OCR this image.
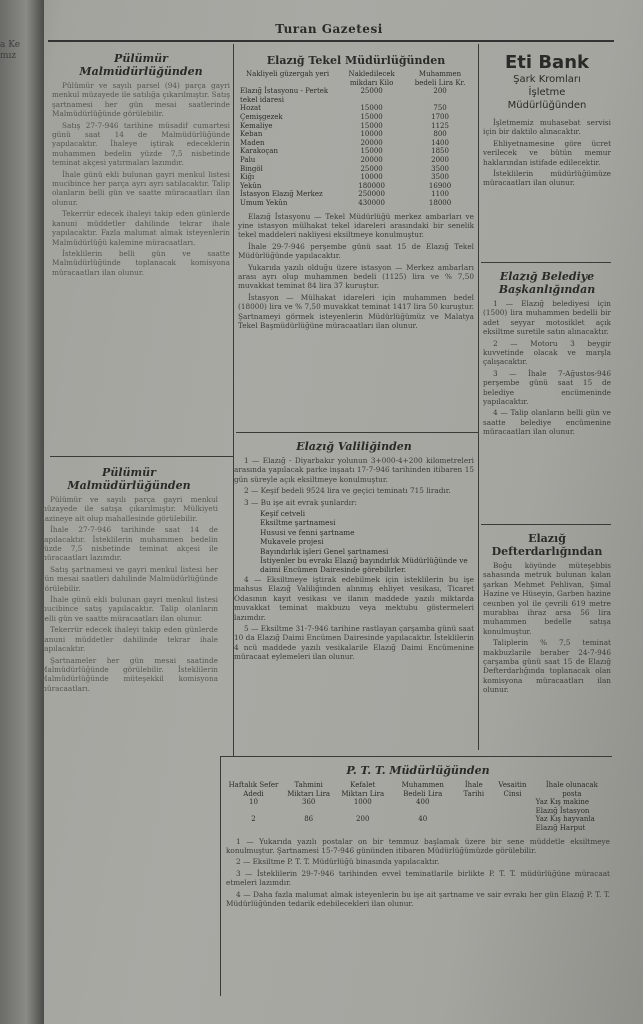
a Ke mız
Turan Gazetesi
Pülümür Malmüdürlüğünden

Pülümür ve sayılı parsel (94) parça gayri menkul müzayede ile satılığa çıkarılmıştır. Satış şartnamesi her gün mesai saatlerinde Malmüdürlüğünde görülebilir.

Satış 27-7-946 tarihine müsadif cumartesi günü saat 14 de Malmüdürlüğünde yapılacaktır. İhaleye iştirak edeceklerin muhammen bedelin yüzde 7,5 nisbetinde teminat akçesi yatırmaları lazımdır.

İhale günü ekli bulunan gayri menkul listesi mucibince her parça ayrı ayrı satılacaktır. Talip olanların belli gün ve saatte müracaatları ilan olunur.

Tekerrür edecek ihaleyi takip eden günlerde kanuni müddetler dahilinde tekrar ihale yapılacaktır. Fazla malumat almak isteyenlerin Malmüdürlüğü kalemine müracaatları.

İsteklilerin belli gün ve saatte Malmüdürlüğünde toplanacak komisyona müracaatları ilan olunur.

Pülümür Malmüdürlüğünden

Pülümür ve sayılı parça gayri menkul müzayede ile satışa çıkarılmıştır. Mülkiyeti hazineye ait olup mahallesinde görülebilir.

İhale 27-7-946 tarihinde saat 14 de yapılacaktır. İsteklilerin muhammen bedelin yüzde 7,5 nisbetinde teminat akçesi ile müracaatları lazımdır.

Satış şartnamesi ve gayri menkul listesi her gün mesai saatleri dahilinde Malmüdürlüğünde görülebilir.

İhale günü ekli bulunan gayri menkul listesi mucibince satış yapılacaktır. Talip olanların belli gün ve saatte müracaatları ilan olunur.

Tekerrür edecek ihaleyi takip eden günlerde kanuni müddetler dahilinde tekrar ihale yapılacaktır.

Şartnameler her gün mesai saatinde Malmüdürlüğünde görülebilir. İsteklilerin Malmüdürlüğünde müteşekkil komisyona müracaatları.

Elazığ Tekel Müdürlüğünden
Nakliyeli güzergah yeri	Nakledilecek mikdarı Kilo	Muhammen bedeli Lira Kr.
Elazığ İstasyonu - Pertek tekel idaresi	25000	200
Hozat	15000	750
Çemişgezek	15000	1700
Kemaliye	15000	1125
Keban	10000	800
Maden	20000	1400
Karakoçan	15000	1850
Palu	20000	2000
Bingöl	25000	3500
Kiğı	10000	3500
Yekûn	180000	16900
İstasyon Elazığ Merkez	250000	1100
Umum Yekûn	430000	18000

Elazığ İstasyonu — Tekel Müdürlüğü merkez ambarları ve yine istasyon mülhakat tekel idareleri arasındaki bir senelik tekel maddeleri nakliyesi eksiltmeye konulmuştur.

İhale 29-7-946 perşembe günü saat 15 de Elazığ Tekel Müdürlüğünde yapılacaktır.

Yukarıda yazılı olduğu üzere istasyon — Merkez ambarları arası ayrı olup muhammen bedeli (1125) lira ve % 7,50 muvakkat teminat 84 lira 37 kuruştur.

İstasyon — Mülhakat idareleri için muhammen bedel (18000) lira ve % 7,50 muvakkat teminat 1417 lira 50 kuruştur. Şartnameyi görmek isteyenlerin Müdürlüğümüz ve Malatya Tekel Başmüdürlüğüne müracaatları ilan olunur.

Eti Bank
Şark Kromları
İşletme
Müdürlüğünden

İşletmemiz muhasebat servisi için bir daktilo alınacaktır.

Ehliyetnamesine göre ücret verilecek ve bütün memur haklarından istifade edilecektir.

İsteklilerin müdürlüğümüze müracaatları ilan olunur.

Elazığ Belediye Başkanlığından

1 — Elazığ belediyesi için (1500) lira muhammen bedelli bir adet seyyar motosiklet açık eksiltme suretile satın alınacaktır.

2 — Motoru 3 beygir kuvvetinde olacak ve marşla çalışacaktır.

3 — İhale 7-Ağustos-946 perşembe günü saat 15 de belediye encümeninde yapılacaktır.

4 — Talip olanların belli gün ve saatte belediye encümenine müracaatları ilan olunur.

Elazığ Defterdarlığından

Boğu köyünde müteşebbis sahasında metruk bulunan kalan şarkan Mehmet Pehlivan, Şimal Hazine ve Hüseyin, Garben hazine ceunben yol ile çevrili 619 metre murabbaı ihraz arsa 56 lira muhammen bedelle satışa konulmuştur.

Taliplerin % 7,5 teminat makbuzlarile beraber 24-7-946 çarşamba günü saat 15 de Elazığ Defterdarlığında toplanacak olan komisyona müracaatları ilan olunur.

Elazığ Valiliğinden

1 — Elazığ - Diyarbakır yolunun 3+000-4+200 kilometreleri arasında yapılacak parke inşaatı 17-7-946 tarihinden itibaren 15 gün süreyle açık eksiltmeye konulmuştur.

2 — Keşif bedeli 9524 lira ve geçici teminatı 715 liradır.

3 — Bu işe ait evrak şunlardır:

Keşif cetveli
Eksiltme şartnamesi
Hususi ve fenni şartname
Mukavele projesi
Bayındırlık işleri Genel şartnamesi
İstiyenler bu evrakı Elazığ bayındırlık Müdürlüğünde ve daimi Encümen Dairesinde görebilirler.

4 — Eksiltmeye iştirak edebilmek için isteklilerin bu işe mahsus Elazığ Valiliğinden alınmış ehliyet vesikası, Ticaret Odasının kayıt vesikası ve ilanın maddede yazılı miktarda muvakkat teminat makbuzu veya mektubu göstermeleri lazımdır.

5 — Eksiltme 31-7-946 tarihine rastlayan çarşamba günü saat 10 da Elazığ Daimi Encümen Dairesinde yapılacaktır. İsteklilerin 4 ncü maddede yazılı vesikalarile Elazığ Daimi Encümenine müracaat eylemeleri ilan olunur.

P. T. T. Müdürlüğünden
Haftalık Sefer Adedi	Tahmini Miktarı Lira	Kefalet Miktarı Lira	Muhammen Bedeli Lira	İhale Tarihi	Vesaitin Cinsi	İhale olunacak posta
10	360	1000	400			Yaz Kış makine Elazığ İstasyon
2	86	200	40			Yaz Kış hayvanla Elazığ Harput

1 — Yukarıda yazılı postalar on bir temmuz başlamak üzere bir sene müddetle eksiltmeye konulmuştur. Şartnamesi 15-7-946 gününden itibaren Müdürlüğümüzde görülebilir.

2 — Eksiltme P. T. T. Müdürlüğü binasında yapılacaktır.

3 — İsteklilerin 29-7-946 tarihinden evvel teminatlarile birlikte P. T. T. müdürlüğüne müracaat etmeleri lazımdır.

4 — Daha fazla malumat almak isteyenlerin bu işe ait şartname ve sair evrakı her gün Elazığ P. T. T. Müdürlüğünden tedarik edebilecekleri ilan olunur.
